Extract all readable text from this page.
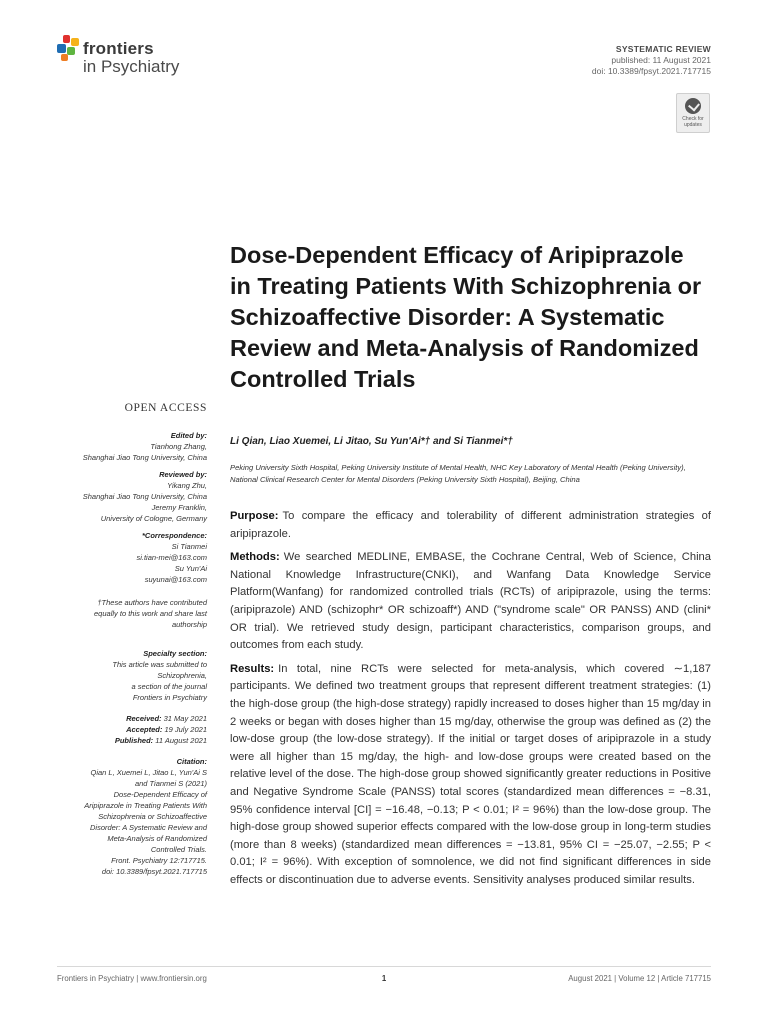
frontiers
in Psychiatry
SYSTEMATIC REVIEW
published: 11 August 2021
doi: 10.3389/fpsyt.2021.717715
Check for updates
Dose-Dependent Efficacy of Aripiprazole in Treating Patients With Schizophrenia or Schizoaffective Disorder: A Systematic Review and Meta-Analysis of Randomized Controlled Trials
Li Qian, Liao Xuemei, Li Jitao, Su Yun'Ai*† and Si Tianmei*†
Peking University Sixth Hospital, Peking University Institute of Mental Health, NHC Key Laboratory of Mental Health (Peking University), National Clinical Research Center for Mental Disorders (Peking University Sixth Hospital), Beijing, China

Purpose: To compare the efficacy and tolerability of different administration strategies of aripiprazole.

Methods: We searched MEDLINE, EMBASE, the Cochrane Central, Web of Science, China National Knowledge Infrastructure(CNKI), and Wanfang Data Knowledge Service Platform(Wanfang) for randomized controlled trials (RCTs) of aripiprazole, using the terms: (aripiprazole) AND (schizophr* OR schizoaff*) AND ("syndrome scale" OR PANSS) AND (clini* OR trial). We retrieved study design, participant characteristics, comparison groups, and outcomes from each study.

Results: In total, nine RCTs were selected for meta-analysis, which covered ∼1,187 participants. We defined two treatment groups that represent different treatment strategies: (1) the high-dose group (the high-dose strategy) rapidly increased to doses higher than 15 mg/day in 2 weeks or began with doses higher than 15 mg/day, otherwise the group was defined as (2) the low-dose group (the low-dose strategy). If the initial or target doses of aripiprazole in a study were all higher than 15 mg/day, the high- and low-dose groups were created based on the relative level of the dose. The high-dose group showed significantly greater reductions in Positive and Negative Syndrome Scale (PANSS) total scores (standardized mean differences = −8.31, 95% confidence interval [CI] = −16.48, −0.13; P < 0.01; I² = 96%) than the low-dose group. The high-dose group showed superior effects compared with the low-dose group in long-term studies (more than 8 weeks) (standardized mean differences = −13.81, 95% CI = −25.07, −2.55; P < 0.01; I² = 96%). With exception of somnolence, we did not find significant differences in side effects or discontinuation due to adverse events. Sensitivity analyses produced similar results.

OPEN ACCESS
Edited by:
Tianhong Zhang,
Shanghai Jiao Tong University, China
Reviewed by:
Yikang Zhu,
Shanghai Jiao Tong University, China
Jeremy Franklin,
University of Cologne, Germany
*Correspondence:
Si Tianmei
si.tian-mei@163.com
Su Yun'Ai
suyunai@163.com
†These authors have contributed
equally to this work and share last
authorship
Specialty section:
This article was submitted to
Schizophrenia,
a section of the journal
Frontiers in Psychiatry
Received: 31 May 2021
Accepted: 19 July 2021
Published: 11 August 2021
Citation:
Qian L, Xuemei L, Jitao L, Yun'Ai S
and Tianmei S (2021)
Dose-Dependent Efficacy of
Aripiprazole in Treating Patients With
Schizophrenia or Schizoaffective
Disorder: A Systematic Review and
Meta-Analysis of Randomized
Controlled Trials.
Front. Psychiatry 12:717715.
doi: 10.3389/fpsyt.2021.717715
Frontiers in Psychiatry | www.frontiersin.org	1	August 2021 | Volume 12 | Article 717715
